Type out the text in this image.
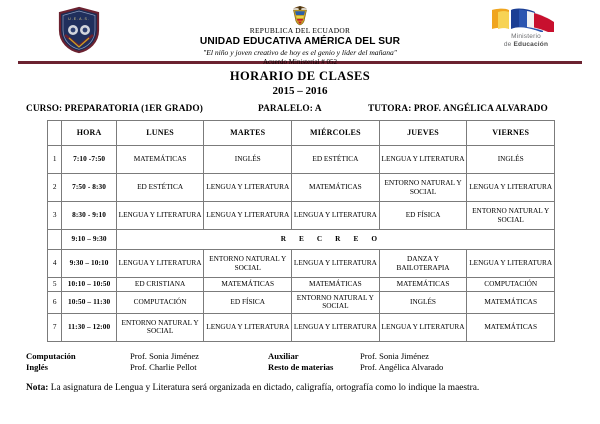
U.E.A.S.
Ministerio
de Educación
REPUBLICA DEL ECUADOR
UNIDAD EDUCATIVA AMÉRICA DEL SUR
"El niño y joven creativo de hoy es el genio y líder del mañana"
Acuerdo Ministerial # 052
HORARIO DE CLASES
2015 – 2016
CURSO: PREPARATORIA (1ER GRADO)	PARALELO: A	TUTORA: PROF. ANGÉLICA ALVARADO
	HORA	LUNES	MARTES	MIÉRCOLES	JUEVES	VIERNES
1	7:10 -7:50	MATEMÁTICAS	INGLÉS	ED ESTÉTICA	LENGUA Y LITERATURA	INGLÉS
2	7:50 - 8:30	ED ESTÉTICA	LENGUA Y LITERATURA	MATEMÁTICAS	ENTORNO NATURAL Y SOCIAL	LENGUA Y LITERATURA
3	8:30 - 9:10	LENGUA Y LITERATURA	LENGUA Y LITERATURA	LENGUA Y LITERATURA	ED FÍSICA	ENTORNO NATURAL Y SOCIAL
	9:10 – 9:30	RECREO				
4	9:30 – 10:10	LENGUA Y LITERATURA	ENTORNO NATURAL Y SOCIAL	LENGUA Y LITERATURA	DANZA Y BAILOTERAPIA	LENGUA Y LITERATURA
5	10:10 – 10:50	ED CRISTIANA	MATEMÁTICAS	MATEMÁTICAS	MATEMÁTICAS	COMPUTACIÓN
6	10:50 – 11:30	COMPUTACIÓN	ED FÍSICA	ENTORNO NATURAL Y SOCIAL	INGLÉS	MATEMÁTICAS
7	11:30 – 12:00	ENTORNO NATURAL Y SOCIAL	LENGUA Y LITERATURA	LENGUA Y LITERATURA	LENGUA Y LITERATURA	MATEMÁTICAS
Computación	Prof. Sonia Jiménez	Auxiliar	Prof. Sonia Jiménez
Inglés	Prof. Charlie Pellot	Resto de materias	Prof. Angélica Alvarado
Nota: La asignatura de Lengua y Literatura será organizada en dictado, caligrafía, ortografía como lo indique la maestra.
